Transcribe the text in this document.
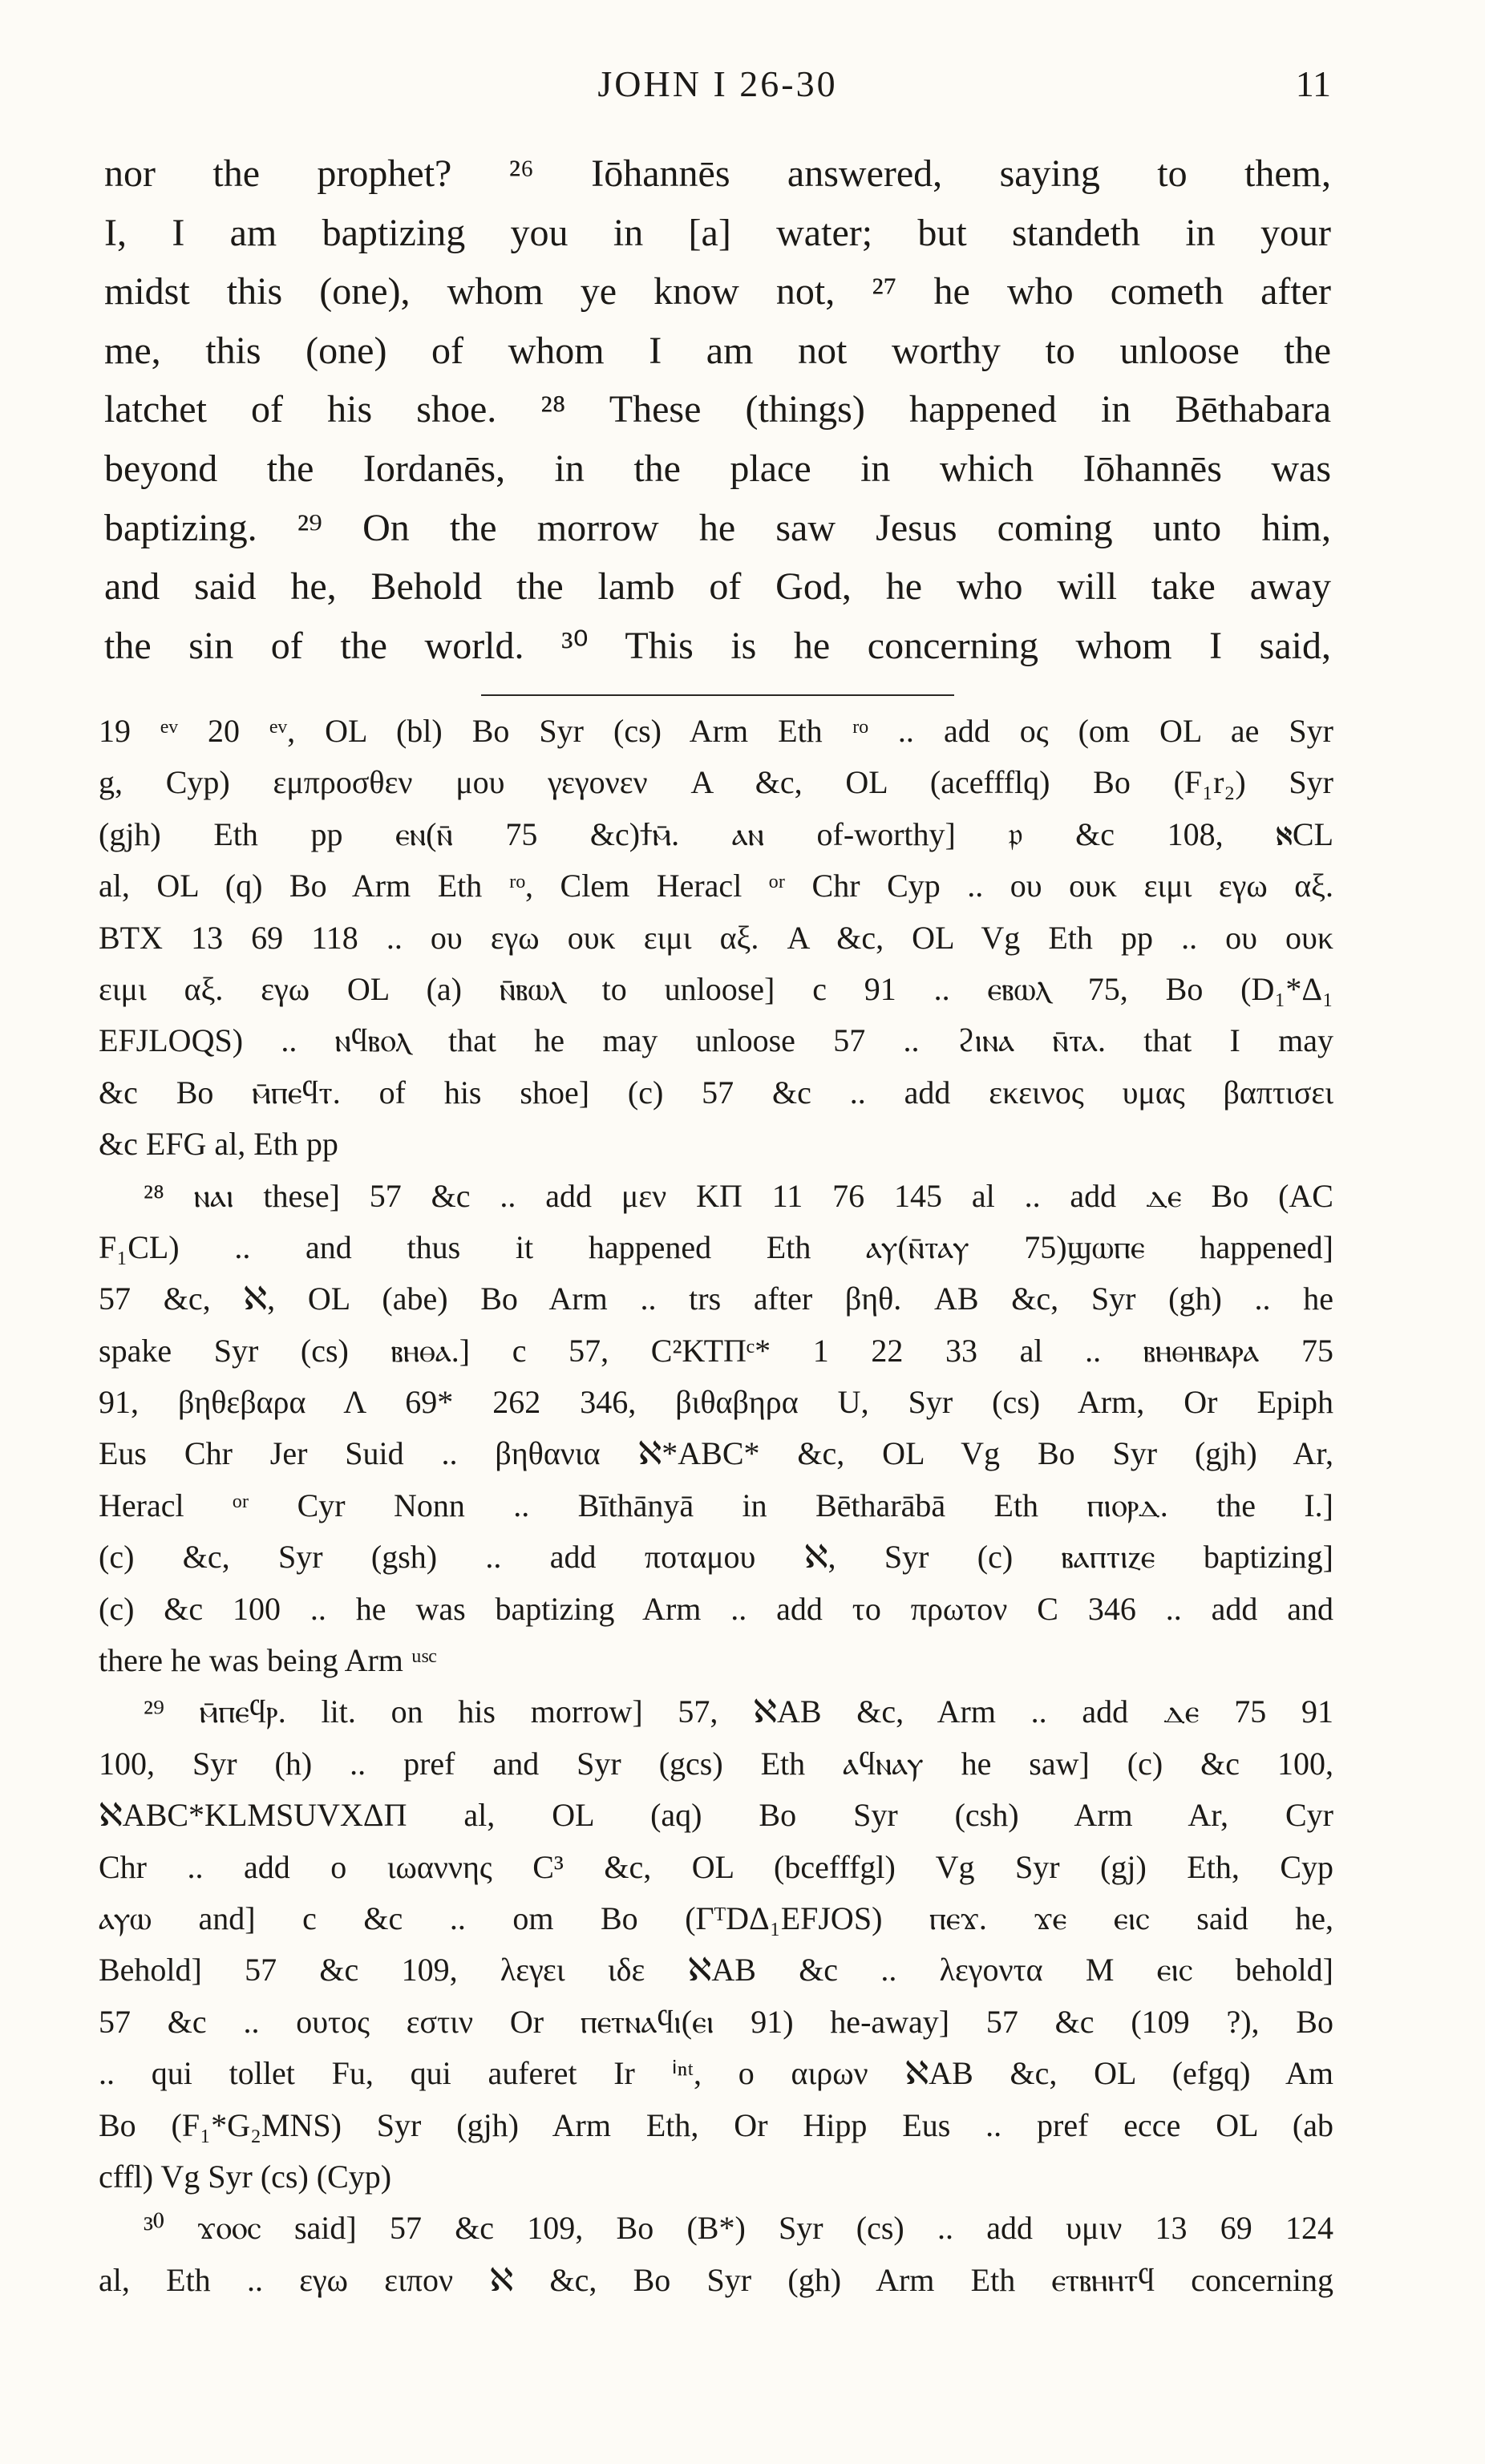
JOHN I 26-30	11
nor the prophet? ²⁶ Iōhannēs answered, saying to them,
I, I am baptizing you in [a] water; but standeth in your
midst this (one), whom ye know not, ²⁷ he who cometh after
me, this (one) of whom I am not worthy to unloose the
latchet of his shoe. ²⁸ These (things) happened in Bēthabara
beyond the Iordanēs, in the place in which Iōhannēs was
baptizing. ²⁹ On the morrow he saw Jesus coming unto him,
and said he, Behold the lamb of God, he who will take away
the sin of the world. ³⁰ This is he concerning whom I said,
19 ᵉᵛ 20 ᵉᵛ, OL (bl) Bo Syr (cs) Arm Eth ʳᵒ .. add ος (om OL ae Syr
g, Cyp) εμπροσθεν μου γεγονεν A &c, OL (aceffflq) Bo (F₁r₂) Syr
(gjh) Eth pp ⲉⲛ(ⲛ̄ 75 &c)ϯⲙ̄. ⲁⲛ of-worthy] 𝔭 &c 108, ℵCL
al, OL (q) Bo Arm Eth ʳᵒ, Clem Heracl ᵒʳ Chr Cyp .. ου ουκ ειμι εγω αξ.
BTX 13 69 118 .. ου εγω ουκ ειμι αξ. A &c, OL Vg Eth pp .. ου ουκ
ειμι αξ. εγω OL (a) ⲛ̄ⲃⲱⲗ to unloose] c 91 .. ⲉⲃⲱⲗ 75, Bo (D₁*Δ₁
EFJLOQS) .. ⲛϥⲃⲟⲗ that he may unloose 57 .. ϩⲓⲛⲁ ⲛ̄ⲧⲁ. that I may
&c Bo ⲙ̄ⲡⲉϥⲧ. of his shoe] (c) 57 &c .. add εκεινος υμας βαπτισει
&c EFG al, Eth pp
²⁸ ⲛⲁⲓ these] 57 &c .. add μεν ΚΠ 11 76 145 al .. add ⲇⲉ Bo (AC
F₁CL) .. and thus it happened Eth ⲁⲩ(ⲛ̄ⲧⲁⲩ 75)ϣⲱⲡⲉ happened]
57 &c, ℵ, OL (abe) Bo Arm .. trs after βηθ. AB &c, Syr (gh) .. he
spake Syr (cs) ⲃⲏⲑⲁ.] c 57, C²ΚΤΠᶜ* 1 22 33 al .. ⲃⲏⲑⲏⲃⲁⲣⲁ 75
91, βηθεβαρα Λ 69* 262 346, βιθαβηρα U, Syr (cs) Arm, Or Epiph
Eus Chr Jer Suid .. βηθανια ℵ*ABC* &c, OL Vg Bo Syr (gjh) Ar,
Heracl ᵒʳ Cyr Nonn .. Bīthānyā in Bētharābā Eth ⲡⲓⲟⲣⲇ. the I.]
(c) &c, Syr (gsh) .. add ποταμου ℵ, Syr (c) ⲃⲁⲡⲧⲓⲍⲉ baptizing]
(c) &c 100 .. he was baptizing Arm .. add το πρωτον C 346 .. add and
there he was being Arm ᵘˢᶜ
²⁹ ⲙ̄ⲡⲉϥⲣ. lit. on his morrow] 57, ℵAB &c, Arm .. add ⲇⲉ 75 91
100, Syr (h) .. pref and Syr (gcs) Eth ⲁϥⲛⲁⲩ he saw] (c) &c 100,
ℵABC*KLMSUVXΔΠ al, OL (aq) Bo Syr (csh) Arm Ar, Cyr
Chr .. add ο ιωαννης C³ &c, OL (bcefffgl) Vg Syr (gj) Eth, Cyp
ⲁⲩⲱ and] c &c .. om Bo (ΓᵀDΔ₁EFJOS) ⲡⲉϫ. ϫⲉ ⲉⲓⲥ said he,
Behold] 57 &c 109, λεγει ιδε ℵAB &c .. λεγοντα M ⲉⲓⲥ behold]
57 &c .. ουτος εστιν Or ⲡⲉⲧⲛⲁϥⲓ(ⲉⲓ 91) he-away] 57 &c (109 ?), Bo
.. qui tollet Fu, qui auferet Ir ⁱⁿᵗ, ο αιρων ℵAB &c, OL (efgq) Am
Bo (F₁*G₂MNS) Syr (gjh) Arm Eth, Or Hipp Eus .. pref ecce OL (ab
cffl) Vg Syr (cs) (Cyp)
³⁰ ϫⲟⲟⲥ said] 57 &c 109, Bo (B*) Syr (cs) .. add υμιν 13 69 124
al, Eth .. εγω ειπον ℵ &c, Bo Syr (gh) Arm Eth ⲉⲧⲃⲏⲏⲧϥ concerning
